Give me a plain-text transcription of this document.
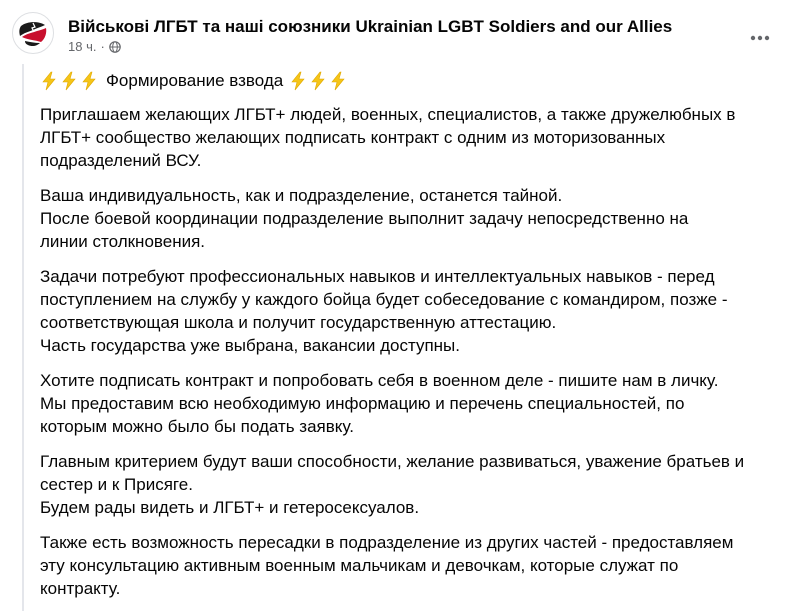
Військові ЛГБТ та наші союзники Ukrainian LGBT Soldiers and our Allies
18 ч. ·

Формирование взвода

Приглашаем желающих ЛГБТ+ людей, военных, специалистов, а также дружелюбных в
ЛГБТ+ сообщество желающих подписать контракт с одним из моторизованных
подразделений ВСУ.

Ваша индивидуальность, как и подразделение, останется тайной.
После боевой координации подразделение выполнит задачу непосредственно на
линии столкновения.

Задачи потребуют профессиональных навыков и интеллектуальных навыков - перед
поступлением на службу у каждого бойца будет собеседование с командиром, позже -
соответствующая школа и получит государственную аттестацию.
Часть государства уже выбрана, вакансии доступны.

Хотите подписать контракт и попробовать себя в военном деле - пишите нам в личку.
Мы предоставим всю необходимую информацию и перечень специальностей, по
которым можно было бы подать заявку.

Главным критерием будут ваши способности, желание развиваться, уважение братьев и
сестер и к Присяге.
Будем рады видеть и ЛГБТ+ и гетеросексуалов.

Также есть возможность пересадки в подразделение из других частей - предоставляем
эту консультацию активным военным мальчикам и девочкам, которые служат по
контракту.
